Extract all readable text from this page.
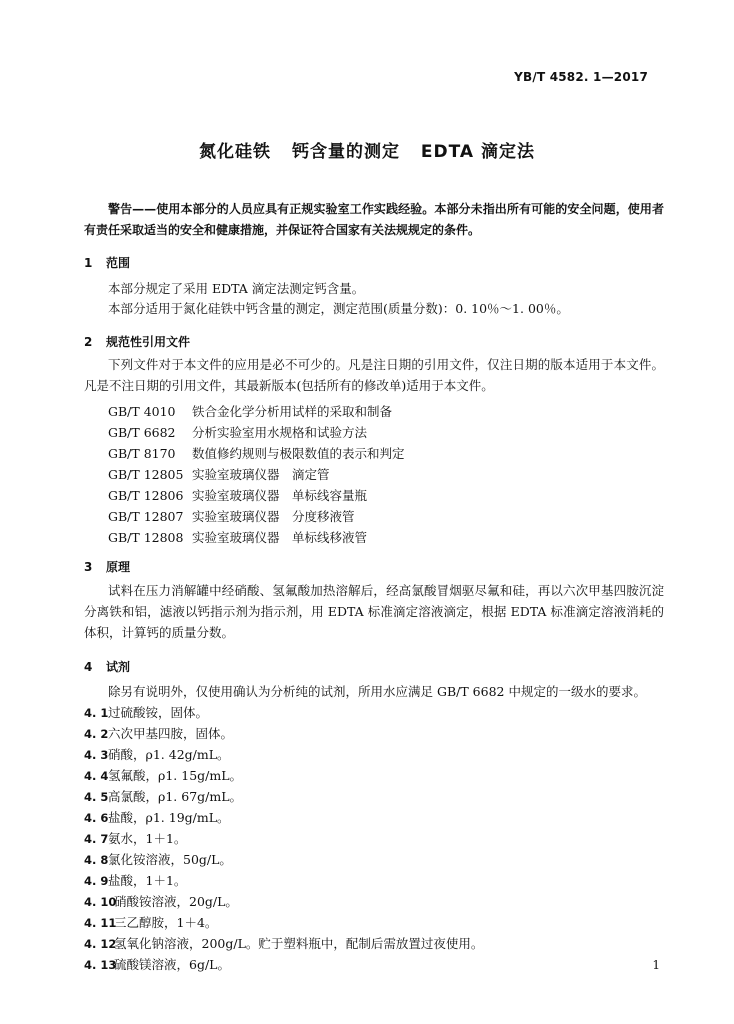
YB/T 4582. 1—2017
氮化硅铁 钙含量的测定 EDTA 滴定法
警告——使用本部分的人员应具有正规实验室工作实践经验。本部分未指出所有可能的安全问题，使用者有责任采取适当的安全和健康措施，并保证符合国家有关法规规定的条件。
1 范围
本部分规定了采用 EDTA 滴定法测定钙含量。
本部分适用于氮化硅铁中钙含量的测定，测定范围(质量分数)：0. 10％～1. 00％。
2 规范性引用文件
下列文件对于本文件的应用是必不可少的。凡是注日期的引用文件，仅注日期的版本适用于本文件。凡是不注日期的引用文件，其最新版本(包括所有的修改单)适用于本文件。
GB/T 4010 铁合金化学分析用试样的采取和制备
GB/T 6682 分析实验室用水规格和试验方法
GB/T 8170 数值修约规则与极限数值的表示和判定
GB/T 12805 实验室玻璃仪器　滴定管
GB/T 12806 实验室玻璃仪器　单标线容量瓶
GB/T 12807 实验室玻璃仪器　分度移液管
GB/T 12808 实验室玻璃仪器　单标线移液管
3 原理
试料在压力消解罐中经硝酸、氢氟酸加热溶解后，经高氯酸冒烟驱尽氟和硅，再以六次甲基四胺沉淀分离铁和铝，滤液以钙指示剂为指示剂，用 EDTA 标准滴定溶液滴定，根据 EDTA 标准滴定溶液消耗的体积，计算钙的质量分数。
4 试剂
除另有说明外，仅使用确认为分析纯的试剂，所用水应满足 GB/T 6682 中规定的一级水的要求。
4. 1过硫酸铵，固体。
4. 2六次甲基四胺，固体。
4. 3硝酸，ρ1. 42g/mL。
4. 4氢氟酸，ρ1. 15g/mL。
4. 5高氯酸，ρ1. 67g/mL。
4. 6盐酸，ρ1. 19g/mL。
4. 7氨水，1＋1。
4. 8氯化铵溶液，50g/L。
4. 9盐酸，1＋1。
4. 10硝酸铵溶液，20g/L。
4. 11三乙醇胺，1＋4。
4. 12氢氧化钠溶液，200g/L。贮于塑料瓶中，配制后需放置过夜使用。
4. 13硫酸镁溶液，6g/L。	1
